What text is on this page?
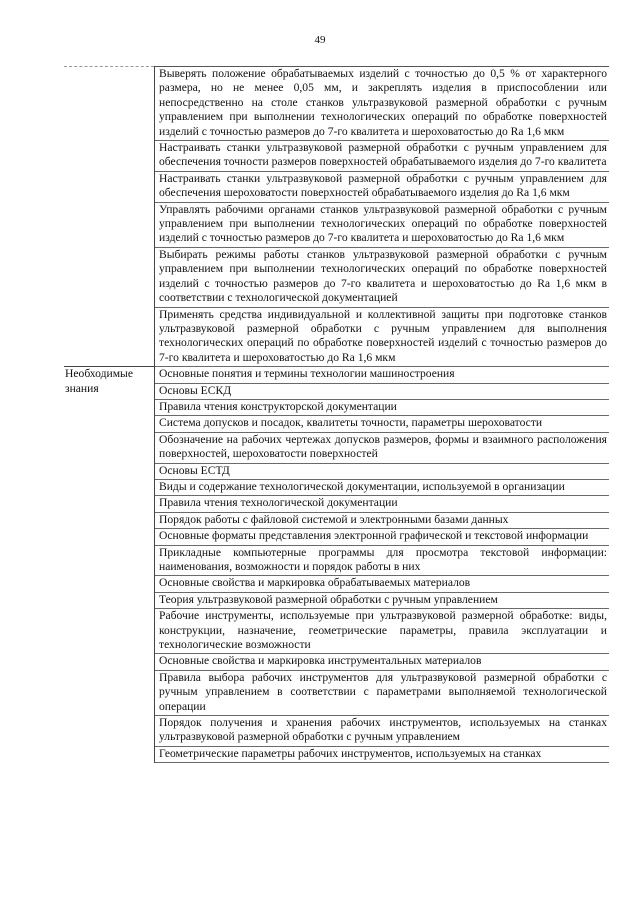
49
	Выверять положение обрабатываемых изделий с точностью до 0,5 % от характерного размера, но не менее 0,05 мм, и закреплять изделия в приспособлении или непосредственно на столе станков ультразвуковой размерной обработки с ручным управлением при выполнении технологических операций по обработке поверхностей изделий с точностью размеров до 7-го квалитета и шероховатостью до Ra 1,6 мкм
	Настраивать станки ультразвуковой размерной обработки с ручным управлением для обеспечения точности размеров поверхностей обрабатываемого изделия до 7-го квалитета
	Настраивать станки ультразвуковой размерной обработки с ручным управлением для обеспечения шероховатости поверхностей обрабатываемого изделия до Ra 1,6 мкм
	Управлять рабочими органами станков ультразвуковой размерной обработки с ручным управлением при выполнении технологических операций по обработке поверхностей изделий с точностью размеров до 7-го квалитета и шероховатостью до Ra 1,6 мкм
	Выбирать режимы работы станков ультразвуковой размерной обработки с ручным управлением при выполнении технологических операций по обработке поверхностей изделий с точностью размеров до 7-го квалитета и шероховатостью до Ra 1,6 мкм в соответствии с технологической документацией
	Применять средства индивидуальной и коллективной защиты при подготовке станков ультразвуковой размерной обработки с ручным управлением для выполнения технологических операций по обработке поверхностей изделий с точностью размеров до 7-го квалитета и шероховатостью до Ra 1,6 мкм
Необходимые знания	Основные понятия и термины технологии машиностроения
	Основы ЕСКД
	Правила чтения конструкторской документации
	Система допусков и посадок, квалитеты точности, параметры шероховатости
	Обозначение на рабочих чертежах допусков размеров, формы и взаимного расположения поверхностей, шероховатости поверхностей
	Основы ЕСТД
	Виды и содержание технологической документации, используемой в организации
	Правила чтения технологической документации
	Порядок работы с файловой системой и электронными базами данных
	Основные форматы представления электронной графической и текстовой информации
	Прикладные компьютерные программы для просмотра текстовой информации: наименования, возможности и порядок работы в них
	Основные свойства и маркировка обрабатываемых материалов
	Теория ультразвуковой размерной обработки с ручным управлением
	Рабочие инструменты, используемые при ультразвуковой размерной обработке: виды, конструкции, назначение, геометрические параметры, правила эксплуатации и технологические возможности
	Основные свойства и маркировка инструментальных материалов
	Правила выбора рабочих инструментов для ультразвуковой размерной обработки с ручным управлением в соответствии с параметрами выполняемой технологической операции
	Порядок получения и хранения рабочих инструментов, используемых на станках ультразвуковой размерной обработки с ручным управлением
	Геометрические параметры рабочих инструментов, используемых на станках
